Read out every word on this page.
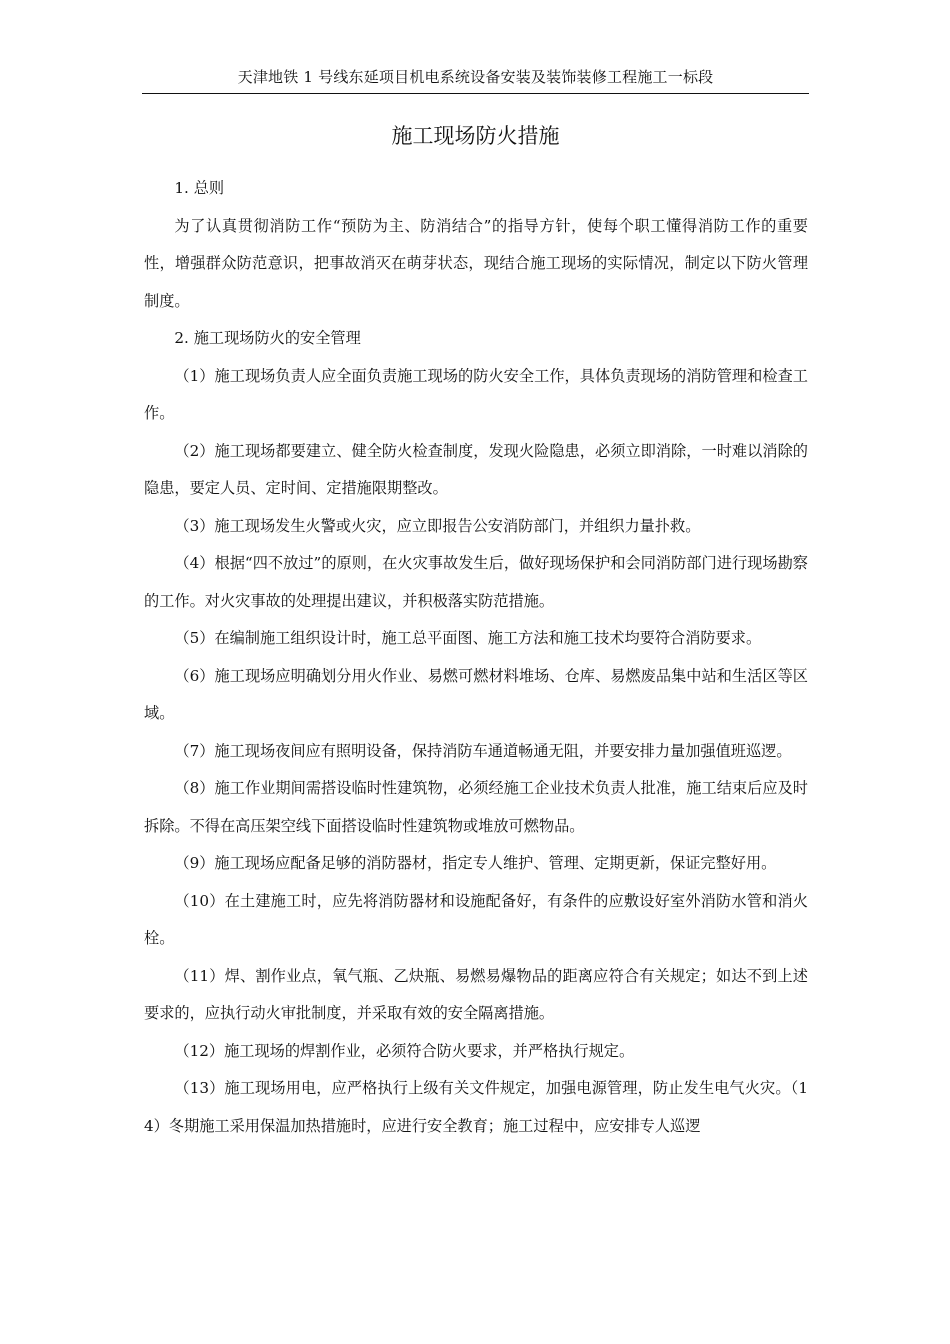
天津地铁 1 号线东延项目机电系统设备安装及装饰装修工程施工一标段
施工现场防火措施

1. 总则

为了认真贯彻消防工作“预防为主、防消结合”的指导方针，使每个职工懂得消防工作的重要性，增强群众防范意识，把事故消灭在萌芽状态，现结合施工现场的实际情况，制定以下防火管理制度。

2. 施工现场防火的安全管理

（1）施工现场负责人应全面负责施工现场的防火安全工作，具体负责现场的消防管理和检查工作。

（2）施工现场都要建立、健全防火检查制度，发现火险隐患，必须立即消除，一时难以消除的隐患，要定人员、定时间、定措施限期整改。

（3）施工现场发生火警或火灾，应立即报告公安消防部门，并组织力量扑救。

（4）根据“四不放过”的原则，在火灾事故发生后，做好现场保护和会同消防部门进行现场勘察的工作。对火灾事故的处理提出建议，并积极落实防范措施。

（5）在编制施工组织设计时，施工总平面图、施工方法和施工技术均要符合消防要求。

（6）施工现场应明确划分用火作业、易燃可燃材料堆场、仓库、易燃废品集中站和生活区等区域。

（7）施工现场夜间应有照明设备，保持消防车通道畅通无阻，并要安排力量加强值班巡逻。

（8）施工作业期间需搭设临时性建筑物，必须经施工企业技术负责人批准，施工结束后应及时拆除。不得在高压架空线下面搭设临时性建筑物或堆放可燃物品。

（9）施工现场应配备足够的消防器材，指定专人维护、管理、定期更新，保证完整好用。

（10）在土建施工时，应先将消防器材和设施配备好，有条件的应敷设好室外消防水管和消火栓。

（11）焊、割作业点，氧气瓶、乙炔瓶、易燃易爆物品的距离应符合有关规定；如达不到上述要求的，应执行动火审批制度，并采取有效的安全隔离措施。

（12）施工现场的焊割作业，必须符合防火要求，并严格执行规定。

（13）施工现场用电，应严格执行上级有关文件规定，加强电源管理，防止发生电气火灾。（14）冬期施工采用保温加热措施时，应进行安全教育；施工过程中，应安排专人巡逻
